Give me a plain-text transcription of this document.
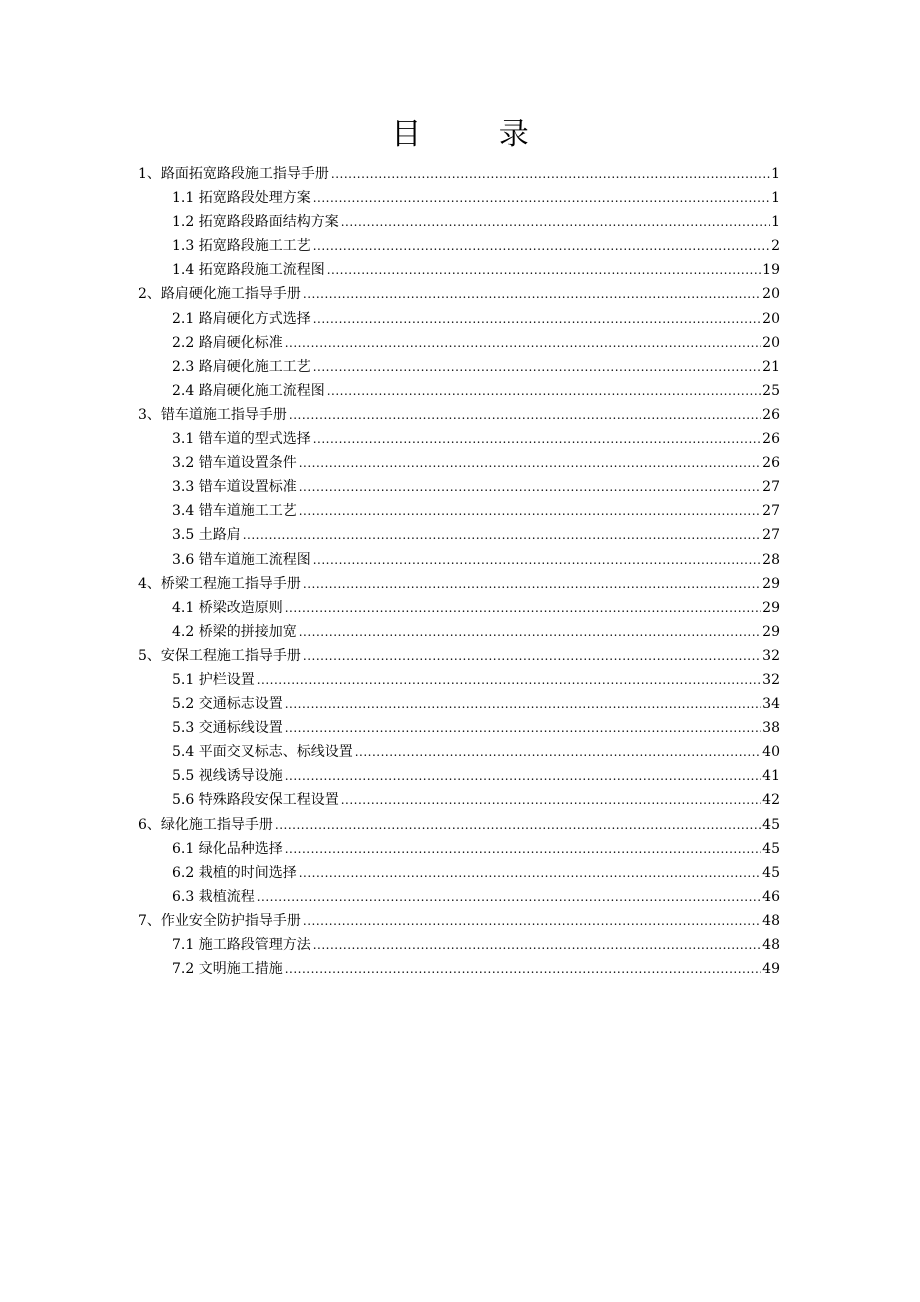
目 录
1、路面拓宽路段施工指导手册 .....	1
1.1 拓宽路段处理方案 .....	1
1.2 拓宽路段路面结构方案 .....	1
1.3 拓宽路段施工工艺 .....	2
1.4 拓宽路段施工流程图 .....	19
2、路肩硬化施工指导手册 .....	20
2.1 路肩硬化方式选择 .....	20
2.2 路肩硬化标准 .....	20
2.3 路肩硬化施工工艺 .....	21
2.4 路肩硬化施工流程图 .....	25
3、错车道施工指导手册 .....	26
3.1 错车道的型式选择 .....	26
3.2 错车道设置条件 .....	26
3.3 错车道设置标准 .....	27
3.4 错车道施工工艺 .....	27
3.5 土路肩 .....	27
3.6 错车道施工流程图 .....	28
4、桥梁工程施工指导手册 .....	29
4.1 桥梁改造原则 .....	29
4.2 桥梁的拼接加宽 .....	29
5、安保工程施工指导手册 .....	32
5.1 护栏设置 .....	32
5.2 交通标志设置 .....	34
5.3 交通标线设置 .....	38
5.4 平面交叉标志、标线设置 .....	40
5.5 视线诱导设施 .....	41
5.6 特殊路段安保工程设置 .....	42
6、绿化施工指导手册 .....	45
6.1 绿化品种选择 .....	45
6.2 栽植的时间选择 .....	45
6.3 栽植流程 .....	46
7、作业安全防护指导手册 .....	48
7.1 施工路段管理方法 .....	48
7.2 文明施工措施 .....	49
